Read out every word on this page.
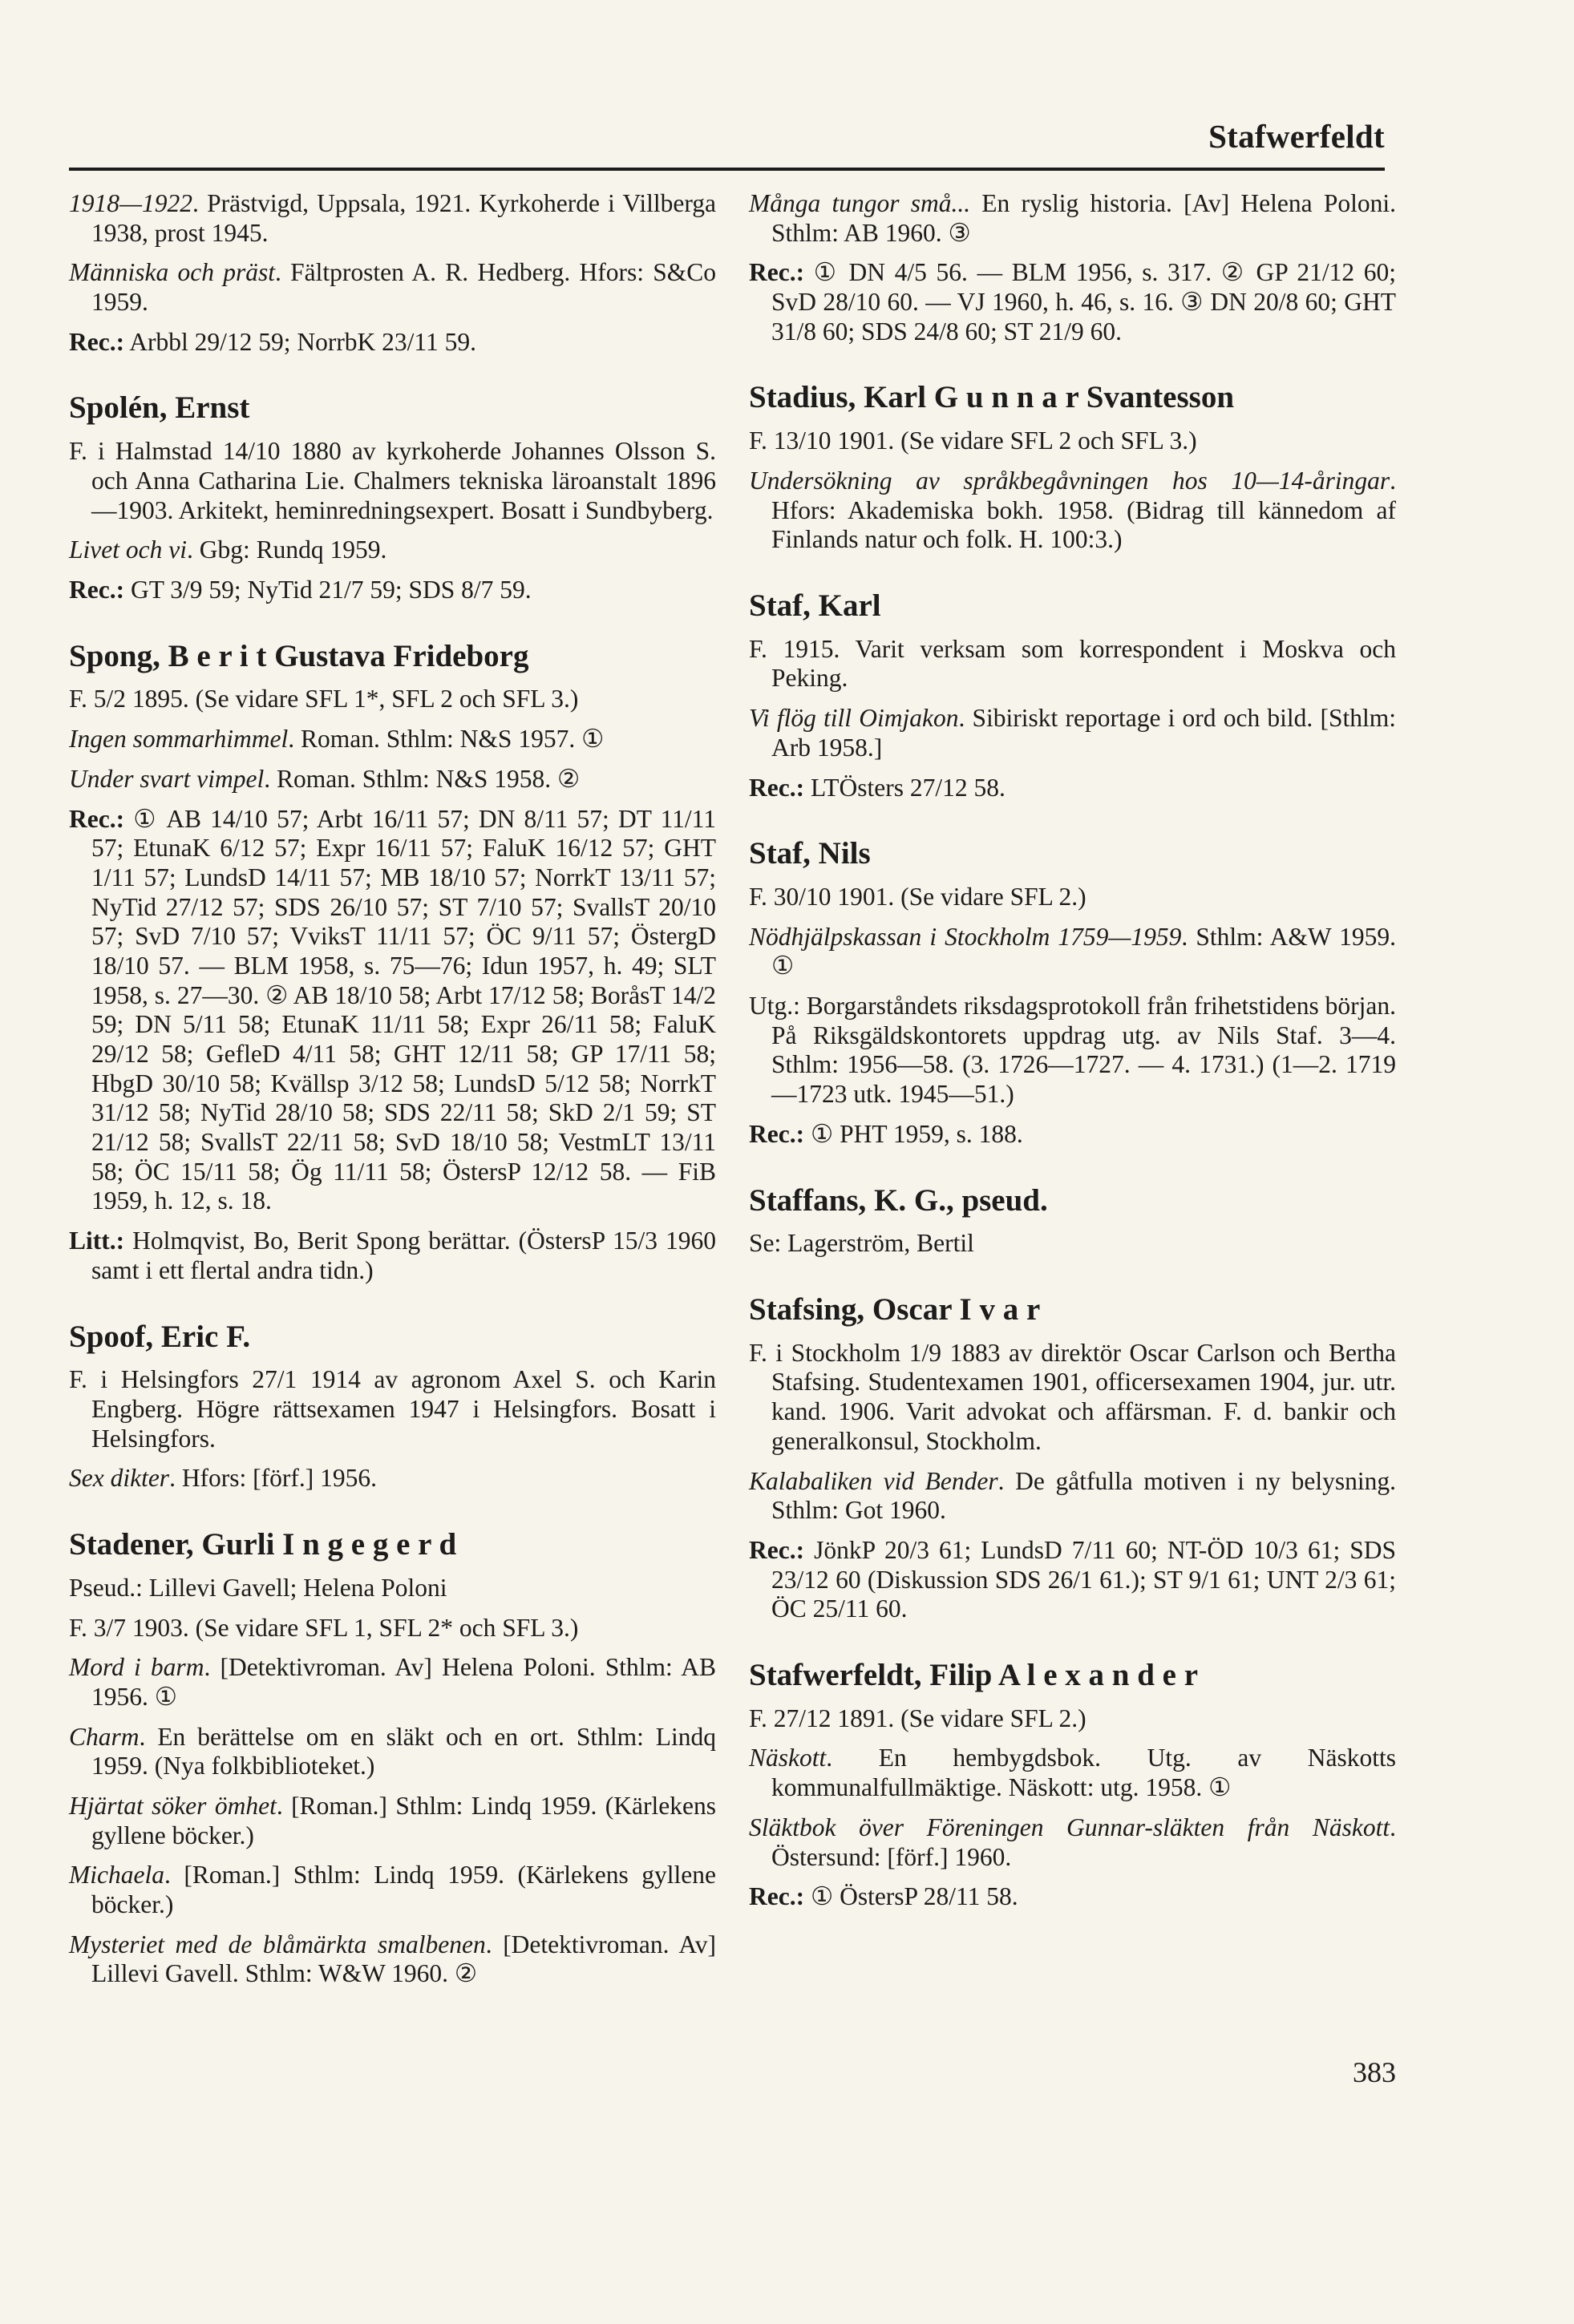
Stafwerfeldt
1918—1922. Prästvigd, Uppsala, 1921. Kyrkoherde i Villberga 1938, prost 1945.
Människa och präst. Fältprosten A. R. Hedberg. Hfors: S&Co 1959.
Rec.: Arbbl 29/12 59; NorrbK 23/11 59.
Spolén, Ernst
F. i Halmstad 14/10 1880 av kyrkoherde Johannes Olsson S. och Anna Catharina Lie. Chalmers tekniska läroanstalt 1896—1903. Arkitekt, heminredningsexpert. Bosatt i Sundbyberg.
Livet och vi. Gbg: Rundq 1959.
Rec.: GT 3/9 59; NyTid 21/7 59; SDS 8/7 59.
Spong, B e r i t Gustava Frideborg
F. 5/2 1895. (Se vidare SFL 1*, SFL 2 och SFL 3.)
Ingen sommarhimmel. Roman. Sthlm: N&S 1957. ①
Under svart vimpel. Roman. Sthlm: N&S 1958. ②
Rec.: ① AB 14/10 57; Arbt 16/11 57; DN 8/11 57; DT 11/11 57; EtunaK 6/12 57; Expr 16/11 57; FaluK 16/12 57; GHT 1/11 57; LundsD 14/11 57; MB 18/10 57; NorrkT 13/11 57; NyTid 27/12 57; SDS 26/10 57; ST 7/10 57; SvallsT 20/10 57; SvD 7/10 57; VviksT 11/11 57; ÖC 9/11 57; ÖstergD 18/10 57. — BLM 1958, s. 75—76; Idun 1957, h. 49; SLT 1958, s. 27—30. ② AB 18/10 58; Arbt 17/12 58; BoråsT 14/2 59; DN 5/11 58; EtunaK 11/11 58; Expr 26/11 58; FaluK 29/12 58; GefleD 4/11 58; GHT 12/11 58; GP 17/11 58; HbgD 30/10 58; Kvällsp 3/12 58; LundsD 5/12 58; NorrkT 31/12 58; NyTid 28/10 58; SDS 22/11 58; SkD 2/1 59; ST 21/12 58; SvallsT 22/11 58; SvD 18/10 58; VestmLT 13/11 58; ÖC 15/11 58; Ög 11/11 58; ÖstersP 12/12 58. — FiB 1959, h. 12, s. 18.
Litt.: Holmqvist, Bo, Berit Spong berättar. (ÖstersP 15/3 1960 samt i ett flertal andra tidn.)
Spoof, Eric F.
F. i Helsingfors 27/1 1914 av agronom Axel S. och Karin Engberg. Högre rättsexamen 1947 i Helsingfors. Bosatt i Helsingfors.
Sex dikter. Hfors: [förf.] 1956.
Stadener, Gurli I n g e g e r d
Pseud.: Lillevi Gavell; Helena Poloni
F. 3/7 1903. (Se vidare SFL 1, SFL 2* och SFL 3.)
Mord i barm. [Detektivroman. Av] Helena Poloni. Sthlm: AB 1956. ①
Charm. En berättelse om en släkt och en ort. Sthlm: Lindq 1959. (Nya folkbiblioteket.)
Hjärtat söker ömhet. [Roman.] Sthlm: Lindq 1959. (Kärlekens gyllene böcker.)
Michaela. [Roman.] Sthlm: Lindq 1959. (Kärlekens gyllene böcker.)
Mysteriet med de blåmärkta smalbenen. [Detektivroman. Av] Lillevi Gavell. Sthlm: W&W 1960. ②
Många tungor små... En ryslig historia. [Av] Helena Poloni. Sthlm: AB 1960. ③
Rec.: ① DN 4/5 56. — BLM 1956, s. 317. ② GP 21/12 60; SvD 28/10 60. — VJ 1960, h. 46, s. 16. ③ DN 20/8 60; GHT 31/8 60; SDS 24/8 60; ST 21/9 60.
Stadius, Karl G u n n a r Svantesson
F. 13/10 1901. (Se vidare SFL 2 och SFL 3.)
Undersökning av språkbegåvningen hos 10—14-åringar. Hfors: Akademiska bokh. 1958. (Bidrag till kännedom af Finlands natur och folk. H. 100:3.)
Staf, Karl
F. 1915. Varit verksam som korrespondent i Moskva och Peking.
Vi flög till Oimjakon. Sibiriskt reportage i ord och bild. [Sthlm: Arb 1958.]
Rec.: LTÖsters 27/12 58.
Staf, Nils
F. 30/10 1901. (Se vidare SFL 2.)
Nödhjälpskassan i Stockholm 1759—1959. Sthlm: A&W 1959. ①
Utg.: Borgarståndets riksdagsprotokoll från frihetstidens början. På Riksgäldskontorets uppdrag utg. av Nils Staf. 3—4. Sthlm: 1956—58. (3. 1726—1727. — 4. 1731.) (1—2. 1719—1723 utk. 1945—51.)
Rec.: ① PHT 1959, s. 188.
Staffans, K. G., pseud.
Se: Lagerström, Bertil
Stafsing, Oscar I v a r
F. i Stockholm 1/9 1883 av direktör Oscar Carlson och Bertha Stafsing. Studentexamen 1901, officersexamen 1904, jur. utr. kand. 1906. Varit advokat och affärsman. F. d. bankir och generalkonsul, Stockholm.
Kalabaliken vid Bender. De gåtfulla motiven i ny belysning. Sthlm: Got 1960.
Rec.: JönkP 20/3 61; LundsD 7/11 60; NT-ÖD 10/3 61; SDS 23/12 60 (Diskussion SDS 26/1 61.); ST 9/1 61; UNT 2/3 61; ÖC 25/11 60.
Stafwerfeldt, Filip A l e x a n d e r
F. 27/12 1891. (Se vidare SFL 2.)
Näskott. En hembygdsbok. Utg. av Näskotts kommunalfullmäktige. Näskott: utg. 1958. ①
Släktbok över Föreningen Gunnar-släkten från Näskott. Östersund: [förf.] 1960.
Rec.: ① ÖstersP 28/11 58.
383
